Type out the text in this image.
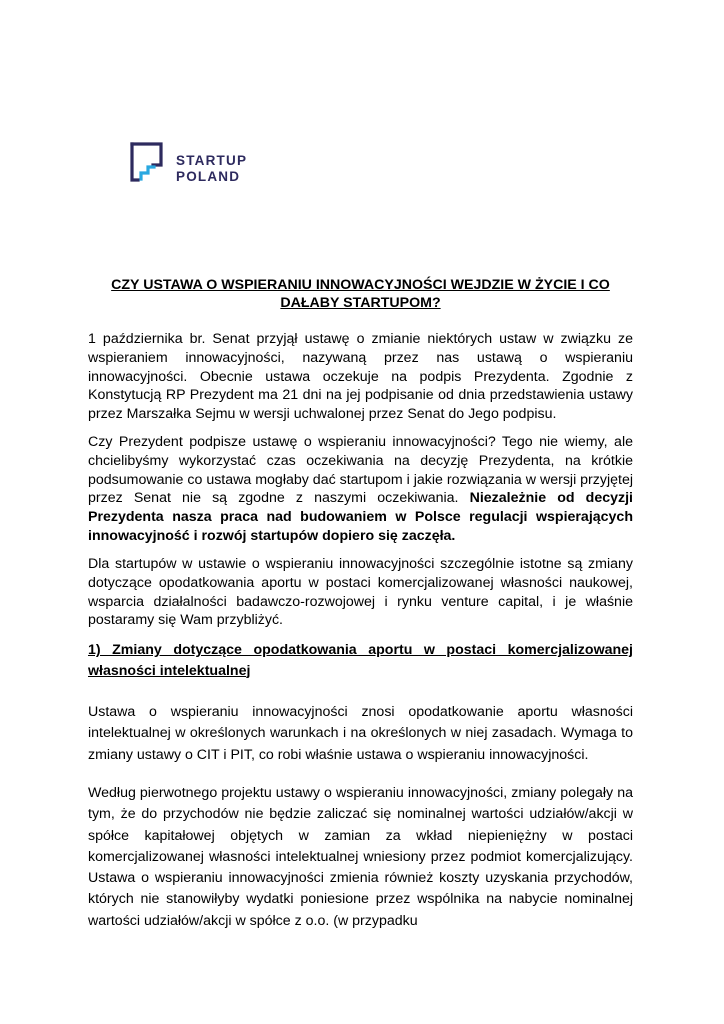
STARTUP
POLAND
CZY USTAWA O WSPIERANIU INNOWACYJNOŚCI WEJDZIE W ŻYCIE I CO DAŁABY STARTUPOM?

1 października br. Senat przyjął ustawę o zmianie niektórych ustaw w związku ze wspieraniem innowacyjności, nazywaną przez nas ustawą o wspieraniu innowacyjności. Obecnie ustawa oczekuje na podpis Prezydenta. Zgodnie z Konstytucją RP Prezydent ma 21 dni na jej podpisanie od dnia przedstawienia ustawy przez Marszałka Sejmu w wersji uchwalonej przez Senat do Jego podpisu.

Czy Prezydent podpisze ustawę o wspieraniu innowacyjności? Tego nie wiemy, ale chcielibyśmy wykorzystać czas oczekiwania na decyzję Prezydenta, na krótkie podsumowanie co ustawa mogłaby dać startupom i jakie rozwiązania w wersji przyjętej przez Senat nie są zgodne z naszymi oczekiwania. Niezależnie od decyzji Prezydenta nasza praca nad budowaniem w Polsce regulacji wspierających innowacyjność i rozwój startupów dopiero się zaczęła.

Dla startupów w ustawie o wspieraniu innowacyjności szczególnie istotne są zmiany dotyczące opodatkowania aportu w postaci komercjalizowanej własności naukowej, wsparcia działalności badawczo-rozwojowej i rynku venture capital, i je właśnie postaramy się Wam przybliżyć.

1) Zmiany dotyczące opodatkowania aportu w postaci komercjalizowanej własności intelektualnej

Ustawa o wspieraniu innowacyjności znosi opodatkowanie aportu własności intelektualnej w określonych warunkach i na określonych w niej zasadach. Wymaga to zmiany ustawy o CIT i PIT, co robi właśnie ustawa o wspieraniu innowacyjności.

Według pierwotnego projektu ustawy o wspieraniu innowacyjności, zmiany polegały na tym, że do przychodów nie będzie zaliczać się nominalnej wartości udziałów/akcji w spółce kapitałowej objętych w zamian za wkład niepieniężny w postaci komercjalizowanej własności intelektualnej wniesiony przez podmiot komercjalizujący. Ustawa o wspieraniu innowacyjności zmienia również koszty uzyskania przychodów, których nie stanowiłyby wydatki poniesione przez wspólnika na nabycie nominalnej wartości udziałów/akcji w spółce z o.o. (w przypadku
